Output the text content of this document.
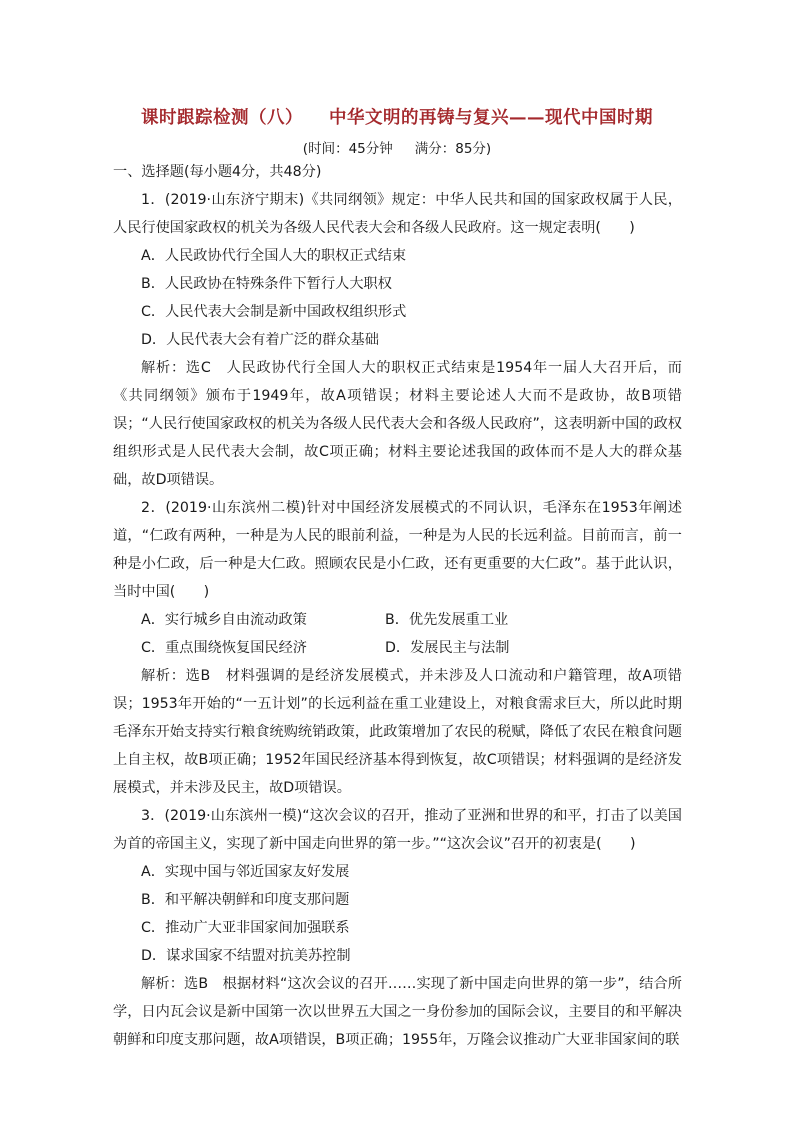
课时跟踪检测（八） 中华文明的再铸与复兴——现代中国时期
(时间：45分钟 满分：85分)

一、选择题(每小题4分，共48分)

1．(2019·山东济宁期末)《共同纲领》规定：中华人民共和国的国家政权属于人民，人民行使国家政权的机关为各级人民代表大会和各级人民政府。这一规定表明(　　)

A．人民政协代行全国人大的职权正式结束

B．人民政协在特殊条件下暂行人大职权

C．人民代表大会制是新中国政权组织形式

D．人民代表大会有着广泛的群众基础

解析：选C　人民政协代行全国人大的职权正式结束是1954年一届人大召开后，而《共同纲领》颁布于1949年，故A项错误；材料主要论述人大而不是政协，故B项错误；“人民行使国家政权的机关为各级人民代表大会和各级人民政府”，这表明新中国的政权组织形式是人民代表大会制，故C项正确；材料主要论述我国的政体而不是人大的群众基础，故D项错误。

2．(2019·山东滨州二模)针对中国经济发展模式的不同认识，毛泽东在1953年阐述道，“仁政有两种，一种是为人民的眼前利益，一种是为人民的长远利益。目前而言，前一种是小仁政，后一种是大仁政。照顾农民是小仁政，还有更重要的大仁政”。基于此认识，当时中国(　　)

A．实行城乡自由流动政策	B．优先发展重工业
C．重点围绕恢复国民经济	D．发展民主与法制

解析：选B　材料强调的是经济发展模式，并未涉及人口流动和户籍管理，故A项错误；1953年开始的“一五计划”的长远利益在重工业建设上，对粮食需求巨大，所以此时期毛泽东开始支持实行粮食统购统销政策，此政策增加了农民的税赋，降低了农民在粮食问题上自主权，故B项正确；1952年国民经济基本得到恢复，故C项错误；材料强调的是经济发展模式，并未涉及民主，故D项错误。

3．(2019·山东滨州一模)“这次会议的召开，推动了亚洲和世界的和平，打击了以美国为首的帝国主义，实现了新中国走向世界的第一步。”“这次会议”召开的初衷是(　　)

A．实现中国与邻近国家友好发展

B．和平解决朝鲜和印度支那问题

C．推动广大亚非国家间加强联系

D．谋求国家不结盟对抗美苏控制

解析：选B　根据材料“这次会议的召开……实现了新中国走向世界的第一步”，结合所学，日内瓦会议是新中国第一次以世界五大国之一身份参加的国际会议，主要目的和平解决朝鲜和印度支那问题，故A项错误，B项正确；1955年，万隆会议推动广大亚非国家间的联
